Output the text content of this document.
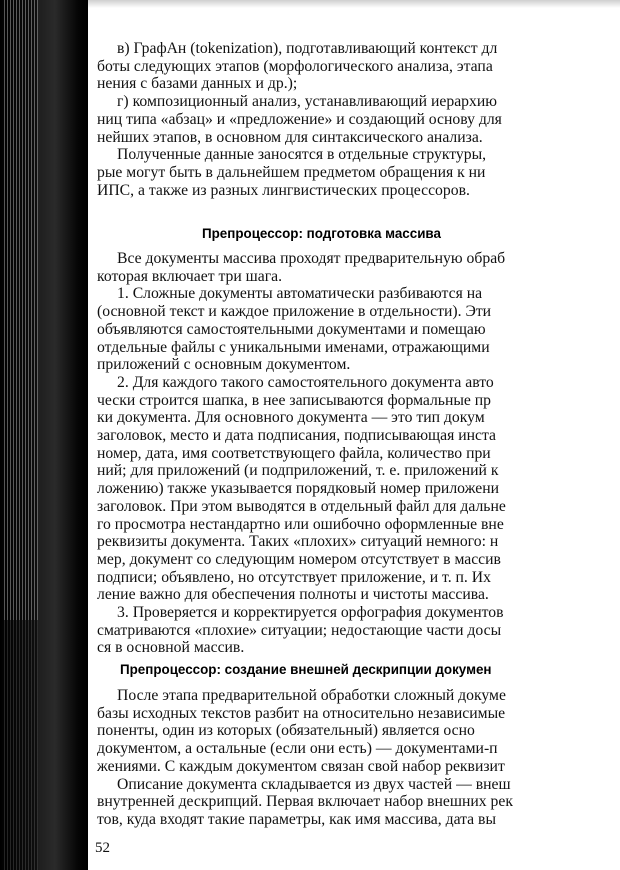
в) ГрафАн (tokenization), подготавливающий контекст дл
боты следующих этапов (морфологического анализа, этапа
нения с базами данных и др.);
г) композиционный анализ, устанавливающий иерархию
ниц типа «абзац» и «предложение» и создающий основу для
нейших этапов, в основном для синтаксического анализа.
Полученные данные заносятся в отдельные структуры,
рые могут быть в дальнейшем предметом обращения к ни
ИПС, а также из разных лингвистических процессоров.
Препроцессор: подготовка массива
Все документы массива проходят предварительную обраб
которая включает три шага.
1. Сложные документы автоматически разбиваются на
(основной текст и каждое приложение в отдельности). Эти
объявляются самостоятельными документами и помещаю
отдельные файлы с уникальными именами, отражающими
приложений с основным документом.
2. Для каждого такого самостоятельного документа авто
чески строится шапка, в нее записываются формальные пр
ки документа. Для основного документа — это тип докум
заголовок, место и дата подписания, подписывающая инста
номер, дата, имя соответствующего файла, количество при
ний; для приложений (и подприложений, т. е. приложений к
ложению) также указывается порядковый номер приложени
заголовок. При этом выводятся в отдельный файл для дальне
го просмотра нестандартно или ошибочно оформленные вне
реквизиты документа. Таких «плохих» ситуаций немного: н
мер, документ со следующим номером отсутствует в массив
подписи; объявлено, но отсутствует приложение, и т. п. Их
ление важно для обеспечения полноты и чистоты массива.
3. Проверяется и корректируется орфография документов
сматриваются «плохие» ситуации; недостающие части досы
ся в основной массив.
Препроцессор: создание внешней дескрипции докумен
После этапа предварительной обработки сложный докуме
базы исходных текстов разбит на относительно независимые
поненты, один из которых (обязательный) является осно
документом, а остальные (если они есть) — документами-п
жениями. С каждым документом связан свой набор реквизит
Описание документа складывается из двух частей — внеш
внутренней дескрипций. Первая включает набор внешних рек
тов, куда входят такие параметры, как имя массива, дата вы
52
